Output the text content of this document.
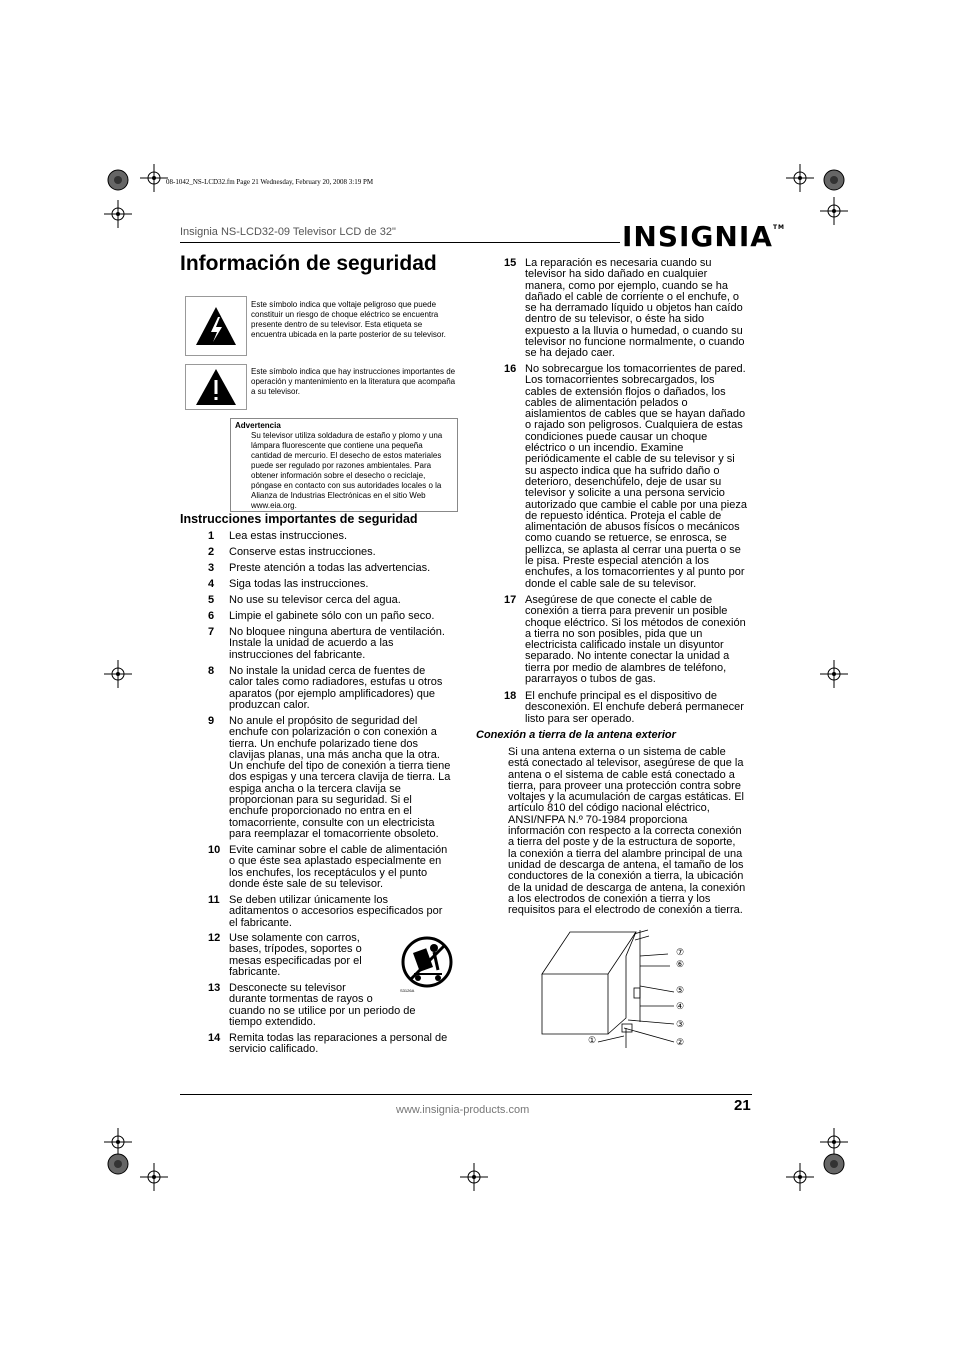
08-1042_NS-LCD32.fm Page 21 Wednesday, February 20, 2008 3:19 PM
Insignia NS-LCD32-09 Televisor LCD de 32"	INSIGNIA™
Información de seguridad
Este símbolo indica que voltaje peligroso que puede constituir un riesgo de choque eléctrico se encuentra presente dentro de su televisor. Esta etiqueta se encuentra ubicada en la parte posterior de su televisor.
Este símbolo indica que hay instrucciones importantes de operación y mantenimiento en la literatura que acompaña a su televisor.
Advertencia
Su televisor utiliza soldadura de estaño y plomo y una lámpara fluorescente que contiene una pequeña cantidad de mercurio. El desecho de estos materiales puede ser regulado por razones ambientales. Para obtener información sobre el desecho o reciclaje, póngase en contacto con sus autoridades locales o la Alianza de Industrias Electrónicas en el sitio Web www.eia.org.
Instrucciones importantes de seguridad
1 Lea estas instrucciones.
2 Conserve estas instrucciones.
3 Preste atención a todas las advertencias.
4 Siga todas las instrucciones.
5 No use su televisor cerca del agua.
6 Limpie el gabinete sólo con un paño seco.
7 No bloquee ninguna abertura de ventilación.
Instale la unidad de acuerdo a las
instrucciones del fabricante.
8 No instale la unidad cerca de fuentes de
calor tales como radiadores, estufas u otros
aparatos (por ejemplo amplificadores) que
produzcan calor.
9 No anule el propósito de seguridad del
enchufe con polarización o con conexión a
tierra. Un enchufe polarizado tiene dos
clavijas planas, una más ancha que la otra.
Un enchufe del tipo de conexión a tierra tiene
dos espigas y una tercera clavija de tierra. La
espiga ancha o la tercera clavija se
proporcionan para su seguridad. Si el
enchufe proporcionado no entra en el
tomacorriente, consulte con un electricista
para reemplazar el tomacorriente obsoleto.
10 Evite caminar sobre el cable de alimentación
o que éste sea aplastado especialmente en
los enchufes, los receptáculos y el punto
donde éste sale de su televisor.
11 Se deben utilizar únicamente los
aditamentos o accesorios especificados por
el fabricante.
12 Use solamente con carros,
bases, trípodes, soportes o
mesas especificadas por el
fabricante.
13 Desconecte su televisor
durante tormentas de rayos o
cuando no se utilice por un periodo de
tiempo extendido.
14 Remita todas las reparaciones a personal de
servicio calificado.
15 La reparación es necesaria cuando su
televisor ha sido dañado en cualquier
manera, como por ejemplo, cuando se ha
dañado el cable de corriente o el enchufe, o
se ha derramado líquido u objetos han caído
dentro de su televisor, o éste ha sido
expuesto a la lluvia o humedad, o cuando su
televisor no funcione normalmente, o cuando
se ha dejado caer.
16 No sobrecargue los tomacorrientes de pared.
Los tomacorrientes sobrecargados, los
cables de extensión flojos o dañados, los
cables de alimentación pelados o
aislamientos de cables que se hayan dañado
o rajado son peligrosos. Cualquiera de estas
condiciones puede causar un choque
eléctrico o un incendio. Examine
periódicamente el cable de su televisor y si
su aspecto indica que ha sufrido daño o
deterioro, desenchúfelo, deje de usar su
televisor y solicite a una persona servicio
autorizado que cambie el cable por una pieza
de repuesto idéntica. Proteja el cable de
alimentación de abusos físicos o mecánicos
como cuando se retuerce, se enrosca, se
pellizca, se aplasta al cerrar una puerta o se
le pisa. Preste especial atención a los
enchufes, a los tomacorrientes y al punto por
donde el cable sale de su televisor.
17 Asegúrese de que conecte el cable de
conexión a tierra para prevenir un posible
choque eléctrico. Si los métodos de conexión
a tierra no son posibles, pida que un
electricista calificado instale un disyuntor
separado. No intente conectar la unidad a
tierra por medio de alambres de teléfono,
pararrayos o tubos de gas.
18 El enchufe principal es el dispositivo de
desconexión. El enchufe deberá permanecer
listo para ser operado.
S3126A
Conexión a tierra de la antena exterior
Si una antena externa o un sistema de cable
está conectado al televisor, asegúrese de que la
antena o el sistema de cable está conectado a
tierra, para proveer una protección contra sobre
voltajes y la acumulación de cargas estáticas. El
artículo 810 del código nacional eléctrico,
ANSI/NFPA N.º 70-1984 proporciona
información con respecto a la correcta conexión
a tierra del poste y de la estructura de soporte,
la conexión a tierra del alambre principal de una
unidad de descarga de antena, el tamaño de los
conductores de la conexión a tierra, la ubicación
de la unidad de descarga de antena, la conexión
a los electrodos de conexión a tierra y los
requisitos para el electrodo de conexión a tierra.
①	②
③
④
⑤
⑥
⑦
www.insignia-products.com	21
